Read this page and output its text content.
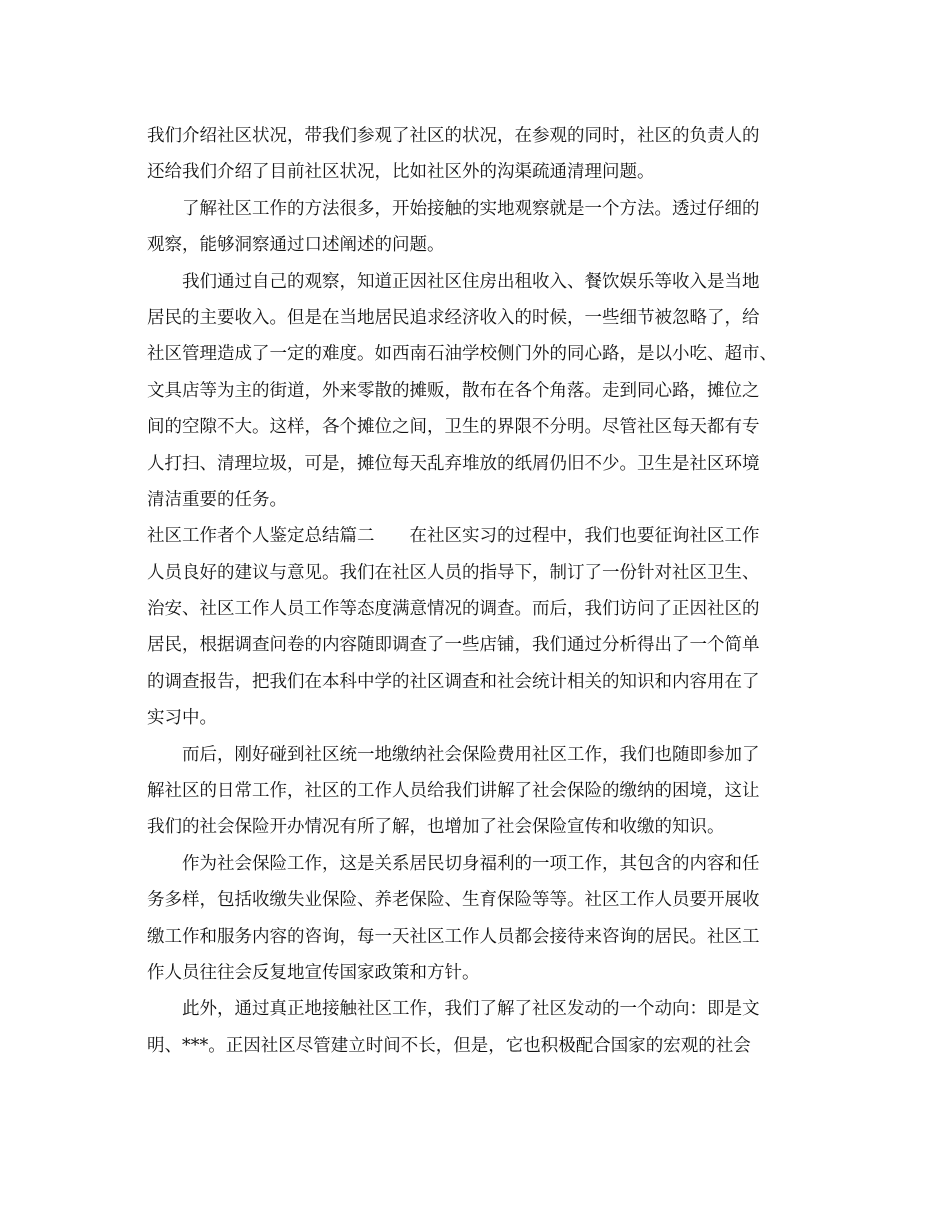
我们介绍社区状况，带我们参观了社区的状况，在参观的同时，社区的负责人的
还给我们介绍了目前社区状况，比如社区外的沟渠疏通清理问题。
了解社区工作的方法很多，开始接触的实地观察就是一个方法。透过仔细的
观察，能够洞察通过口述阐述的问题。
我们通过自己的观察，知道正因社区住房出租收入、餐饮娱乐等收入是当地
居民的主要收入。但是在当地居民追求经济收入的时候，一些细节被忽略了，给
社区管理造成了一定的难度。如西南石油学校侧门外的同心路，是以小吃、超市、
文具店等为主的街道，外来零散的摊贩，散布在各个角落。走到同心路，摊位之
间的空隙不大。这样，各个摊位之间，卫生的界限不分明。尽管社区每天都有专
人打扫、清理垃圾，可是，摊位每天乱弃堆放的纸屑仍旧不少。卫生是社区环境
清洁重要的任务。
社区工作者个人鉴定总结篇二　　在社区实习的过程中，我们也要征询社区工作
人员良好的建议与意见。我们在社区人员的指导下，制订了一份针对社区卫生、
治安、社区工作人员工作等态度满意情况的调查。而后，我们访问了正因社区的
居民，根据调查问卷的内容随即调查了一些店铺，我们通过分析得出了一个简单
的调查报告，把我们在本科中学的社区调查和社会统计相关的知识和内容用在了
实习中。
而后，刚好碰到社区统一地缴纳社会保险费用社区工作，我们也随即参加了
解社区的日常工作，社区的工作人员给我们讲解了社会保险的缴纳的困境，这让
我们的社会保险开办情况有所了解，也增加了社会保险宣传和收缴的知识。
作为社会保险工作，这是关系居民切身福利的一项工作，其包含的内容和任
务多样，包括收缴失业保险、养老保险、生育保险等等。社区工作人员要开展收
缴工作和服务内容的咨询，每一天社区工作人员都会接待来咨询的居民。社区工
作人员往往会反复地宣传国家政策和方针。
此外，通过真正地接触社区工作，我们了解了社区发动的一个动向：即是文
明、***。正因社区尽管建立时间不长，但是，它也积极配合国家的宏观的社会
